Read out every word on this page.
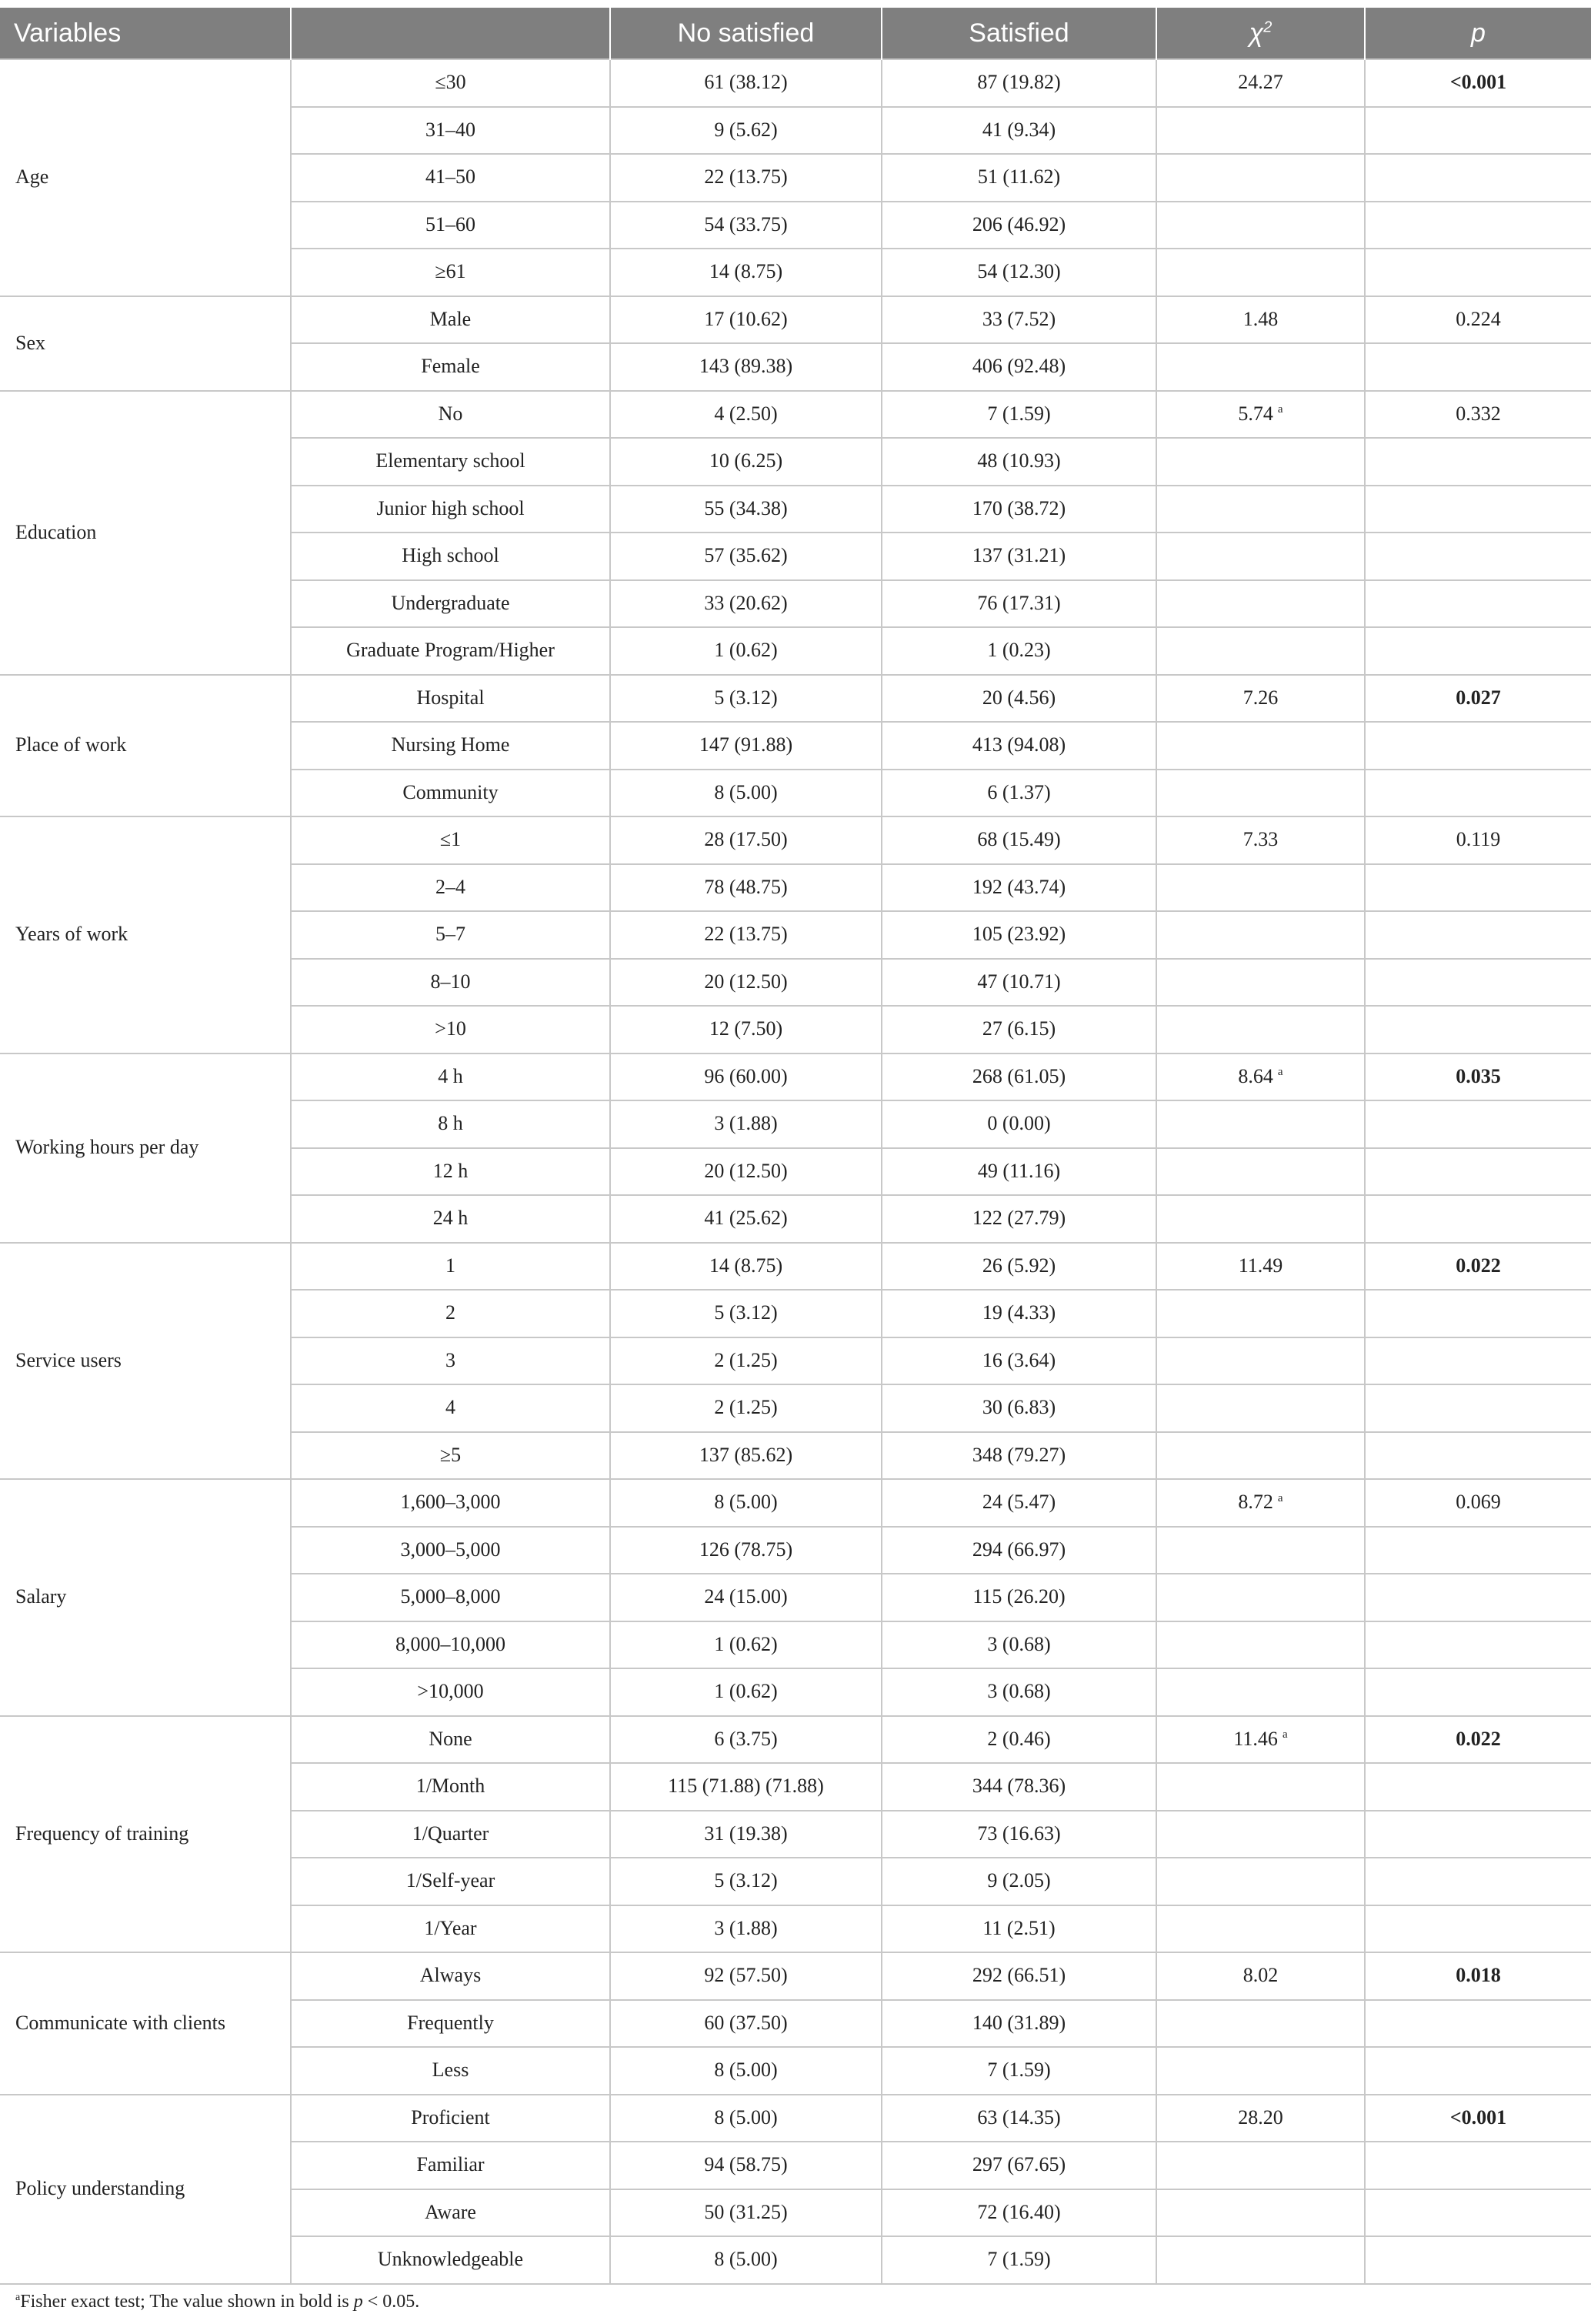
Variables		No satisfied	Satisfied	$\chi^2$	p
Age	≤30	61 (38.12)	87 (19.82)	24.27	<0.001
	31–40	9 (5.62)	41 (9.34)		
	41–50	22 (13.75)	51 (11.62)		
	51–60	54 (33.75)	206 (46.92)		
	≥61	14 (8.75)	54 (12.30)		
Sex	Male	17 (10.62)	33 (7.52)	1.48	0.224
	Female	143 (89.38)	406 (92.48)		
Education	No	4 (2.50)	7 (1.59)	5.74 $^a$	0.332
	Elementary school	10 (6.25)	48 (10.93)		
	Junior high school	55 (34.38)	170 (38.72)		
	High school	57 (35.62)	137 (31.21)		
	Undergraduate	33 (20.62)	76 (17.31)		
	Graduate Program/Higher	1 (0.62)	1 (0.23)		
Place of work	Hospital	5 (3.12)	20 (4.56)	7.26	0.027
	Nursing Home	147 (91.88)	413 (94.08)		
	Community	8 (5.00)	6 (1.37)		
Years of work	≤1	28 (17.50)	68 (15.49)	7.33	0.119
	2–4	78 (48.75)	192 (43.74)		
	5–7	22 (13.75)	105 (23.92)		
	8–10	20 (12.50)	47 (10.71)		
	>10	12 (7.50)	27 (6.15)		
Working hours per day	4 h	96 (60.00)	268 (61.05)	8.64 $^a$	0.035
	8 h	3 (1.88)	0 (0.00)		
	12 h	20 (12.50)	49 (11.16)		
	24 h	41 (25.62)	122 (27.79)		
Service users	1	14 (8.75)	26 (5.92)	11.49	0.022
	2	5 (3.12)	19 (4.33)		
	3	2 (1.25)	16 (3.64)		
	4	2 (1.25)	30 (6.83)		
	≥5	137 (85.62)	348 (79.27)		
Salary	1,600–3,000	8 (5.00)	24 (5.47)	8.72 $^a$	0.069
	3,000–5,000	126 (78.75)	294 (66.97)		
	5,000–8,000	24 (15.00)	115 (26.20)		
	8,000–10,000	1 (0.62)	3 (0.68)		
	>10,000	1 (0.62)	3 (0.68)		
Frequency of training	None	6 (3.75)	2 (0.46)	11.46 $^a$	0.022
	1/Month	115 (71.88) (71.88)	344 (78.36)		
	1/Quarter	31 (19.38)	73 (16.63)		
	1/Self-year	5 (3.12)	9 (2.05)		
	1/Year	3 (1.88)	11 (2.51)		
Communicate with clients	Always	92 (57.50)	292 (66.51)	8.02	0.018
	Frequently	60 (37.50)	140 (31.89)		
	Less	8 (5.00)	7 (1.59)		
Policy understanding	Proficient	8 (5.00)	63 (14.35)	28.20	<0.001
	Familiar	94 (58.75)	297 (67.65)		
	Aware	50 (31.25)	72 (16.40)		
	Unknowledgeable	8 (5.00)	7 (1.59)		
$^a$Fisher exact test; The value shown in bold is p < 0.05.
